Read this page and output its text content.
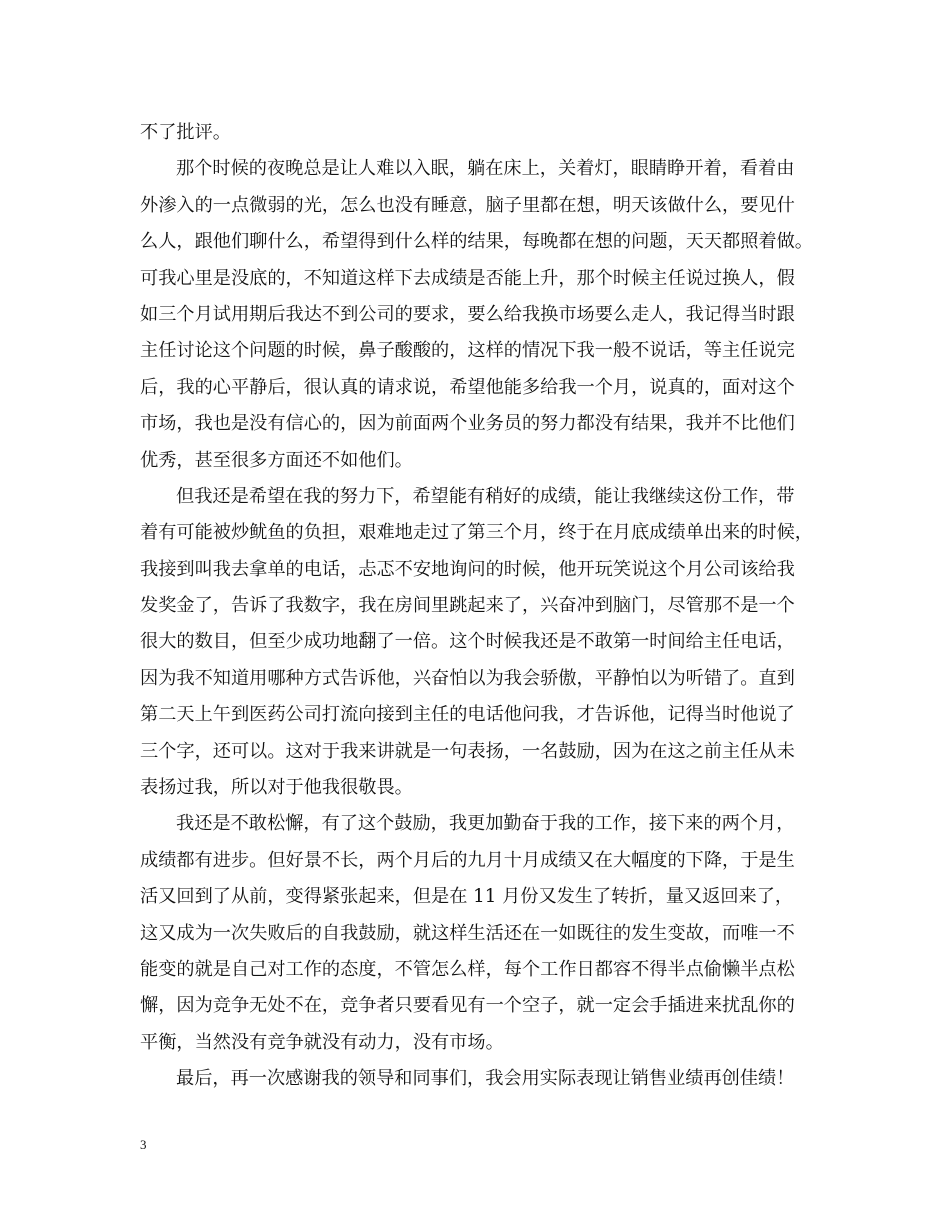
不了批评。
那个时候的夜晚总是让人难以入眠，躺在床上，关着灯，眼睛睁开着，看着由
外渗入的一点微弱的光，怎么也没有睡意，脑子里都在想，明天该做什么，要见什
么人，跟他们聊什么，希望得到什么样的结果，每晚都在想的问题，天天都照着做。
可我心里是没底的，不知道这样下去成绩是否能上升，那个时候主任说过换人，假
如三个月试用期后我达不到公司的要求，要么给我换市场要么走人，我记得当时跟
主任讨论这个问题的时候，鼻子酸酸的，这样的情况下我一般不说话，等主任说完
后，我的心平静后，很认真的请求说，希望他能多给我一个月，说真的，面对这个
市场，我也是没有信心的，因为前面两个业务员的努力都没有结果，我并不比他们
优秀，甚至很多方面还不如他们。
但我还是希望在我的努力下，希望能有稍好的成绩，能让我继续这份工作，带
着有可能被炒鱿鱼的负担，艰难地走过了第三个月，终于在月底成绩单出来的时候，
我接到叫我去拿单的电话，忐忑不安地询问的时候，他开玩笑说这个月公司该给我
发奖金了，告诉了我数字，我在房间里跳起来了，兴奋冲到脑门，尽管那不是一个
很大的数目，但至少成功地翻了一倍。这个时候我还是不敢第一时间给主任电话，
因为我不知道用哪种方式告诉他，兴奋怕以为我会骄傲，平静怕以为听错了。直到
第二天上午到医药公司打流向接到主任的电话他问我，才告诉他，记得当时他说了
三个字，还可以。这对于我来讲就是一句表扬，一名鼓励，因为在这之前主任从未
表扬过我，所以对于他我很敬畏。
我还是不敢松懈，有了这个鼓励，我更加勤奋于我的工作，接下来的两个月，
成绩都有进步。但好景不长，两个月后的九月十月成绩又在大幅度的下降，于是生
活又回到了从前，变得紧张起来，但是在 11 月份又发生了转折，量又返回来了，
这又成为一次失败后的自我鼓励，就这样生活还在一如既往的发生变故，而唯一不
能变的就是自己对工作的态度，不管怎么样，每个工作日都容不得半点偷懒半点松
懈，因为竞争无处不在，竞争者只要看见有一个空子，就一定会手插进来扰乱你的
平衡，当然没有竞争就没有动力，没有市场。
最后，再一次感谢我的领导和同事们，我会用实际表现让销售业绩再创佳绩！
3
